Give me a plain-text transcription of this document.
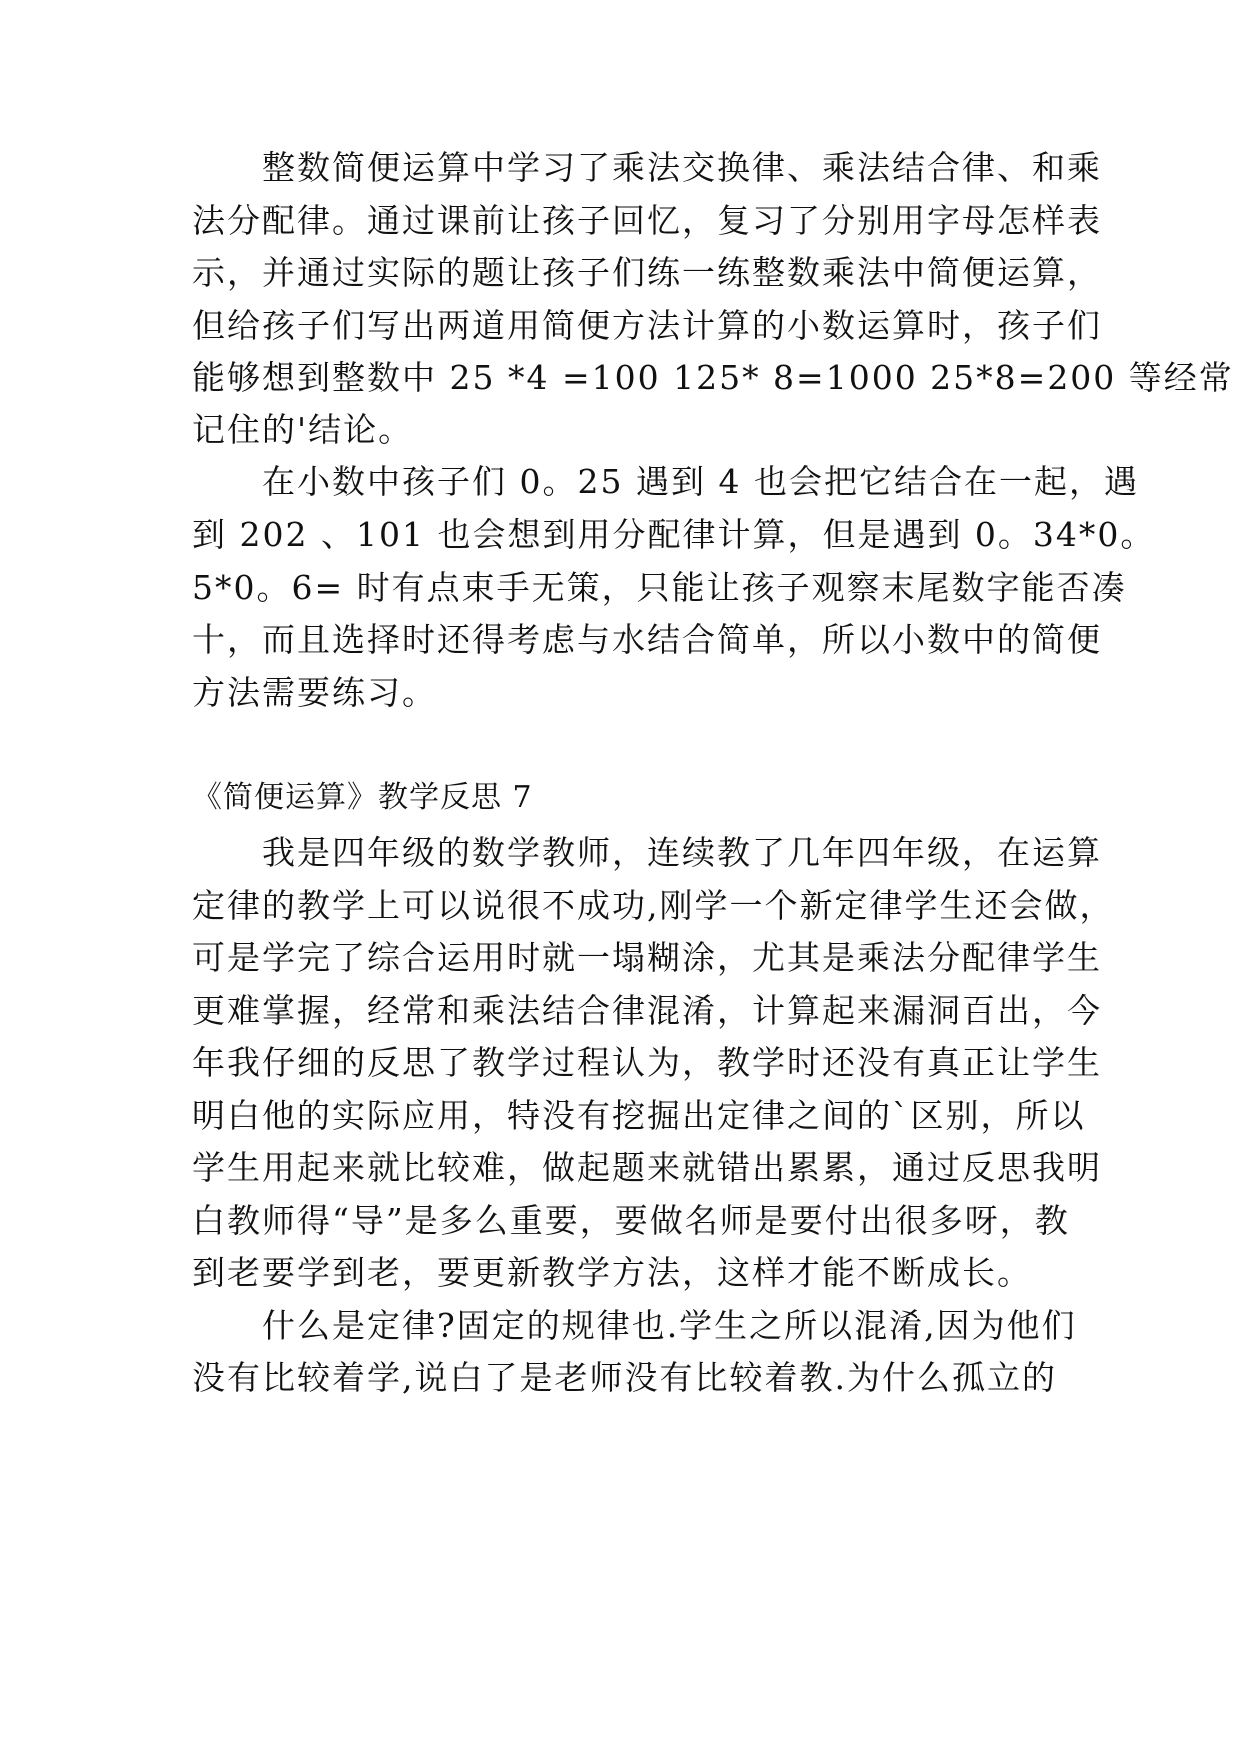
　　整数简便运算中学习了乘法交换律、乘法结合律、和乘
法分配律。通过课前让孩子回忆，复习了分别用字母怎样表
示，并通过实际的题让孩子们练一练整数乘法中简便运算，
但给孩子们写出两道用简便方法计算的小数运算时，孩子们
能够想到整数中 25 *4 =100 125* 8=1000 25*8=200 等经常
记住的'结论。
　　在小数中孩子们 0。25 遇到 4 也会把它结合在一起，遇
到 202 、101 也会想到用分配律计算，但是遇到 0。34*0。
5*0。6= 时有点束手无策，只能让孩子观察末尾数字能否凑
十，而且选择时还得考虑与水结合简单，所以小数中的简便
方法需要练习。
《简便运算》教学反思 7
　　我是四年级的数学教师，连续教了几年四年级，在运算
定律的教学上可以说很不成功,刚学一个新定律学生还会做，
可是学完了综合运用时就一塌糊涂，尤其是乘法分配律学生
更难掌握，经常和乘法结合律混淆，计算起来漏洞百出，今
年我仔细的反思了教学过程认为，教学时还没有真正让学生
明白他的实际应用，特没有挖掘出定律之间的`区别，所以
学生用起来就比较难，做起题来就错出累累，通过反思我明
白教师得“导”是多么重要，要做名师是要付出很多呀，教
到老要学到老，要更新教学方法，这样才能不断成长。
　　什么是定律?固定的规律也.学生之所以混淆,因为他们
没有比较着学,说白了是老师没有比较着教.为什么孤立的
